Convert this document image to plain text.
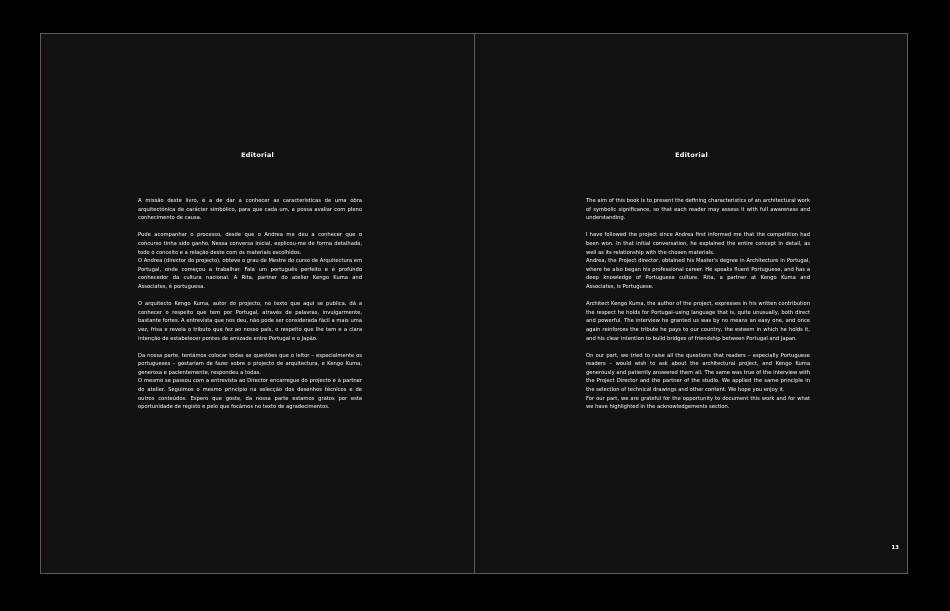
Editorial

A missão deste livro, é a de dar a conhecer as características de uma obra arquitectónica de carácter simbólico, para que cada um, a possa avaliar com pleno conhecimento de causa.

Pude acompanhar o processo, desde que o Andrea me deu a conhecer que o concurso tinha sido ganho. Nessa conversa inicial, explicou-me de forma detalhada, todo o conceito e a relação deste com os materiais escolhidos.
O Andrea (director do projecto), obteve o grau de Mestre do curso de Arquitectura em Portugal, onde começou a trabalhar. Fala um português perfeito e é profundo conhecedor da cultura nacional. A Rita, partner do atelier Kengo Kuma and Associates, é portuguesa.

O arquitecto Kengo Kuma, autor do projecto, no texto que aqui se publica, dá a conhecer o respeito que tem por Portugal, através de palavras, invulgarmente, bastante fortes. A entrevista que nos deu, não pode ser considerada fácil a mais uma vez, frisa e revela o tributo que fez ao nosso país, o respeito que lhe tem e a clara intenção de estabelecer pontes de amizade entre Portugal e o Japão.

Da nossa parte, tentámos colocar todas as questões que o leitor – especialmente os portugueses – gostariam de fazer sobre o projecto de arquitectura, e Kengo Kuma, generosa e pacientemente, respondeu a todas.
O mesmo se passou com a entrevista ao Director encarregue do projecto e à partner do atelier. Seguimos o mesmo princípio na selecção dos desenhos técnicos e de outros conteúdos. Espero que goste, da nossa parte estamos gratos por esta oportunidade de registo e pelo que focámos no texto de agradecimentos.

Editorial

The aim of this book is to present the defining characteristics of an architectural work of symbolic significance, so that each reader may assess it with full awareness and understanding.

I have followed the project since Andrea first informed me that the competition had been won. In that initial conversation, he explained the entire concept in detail, as well as its relationship with the chosen materials.
Andrea, the Project director, obtained his Master's degree in Architecture in Portugal, where he also began his professional career. He speaks fluent Portuguese, and has a deep knowledge of Portuguese culture. Rita, a partner at Kengo Kuma and Associates, is Portuguese.

Architect Kengo Kuma, the author of the project, expresses in his written contribution the respect he holds for Portugal–using language that is, quite unusually, both direct and powerful. The interview he granted us was by no means an easy one, and once again reinforces the tribute he pays to our country, the esteem in which he holds it, and his clear intention to build bridges of friendship between Portugal and Japan.

On our part, we tried to raise all the questions that readers – especially Portuguese readers – would wish to ask about the architectural project, and Kengo Kuma generously and patiently answered them all. The same was true of the interview with the Project Director and the partner of the studio. We applied the same principle in the selection of technical drawings and other content. We hope you enjoy it.
For our part, we are grateful for the opportunity to document this work and for what we have highlighted in the acknowledgements section.

13
